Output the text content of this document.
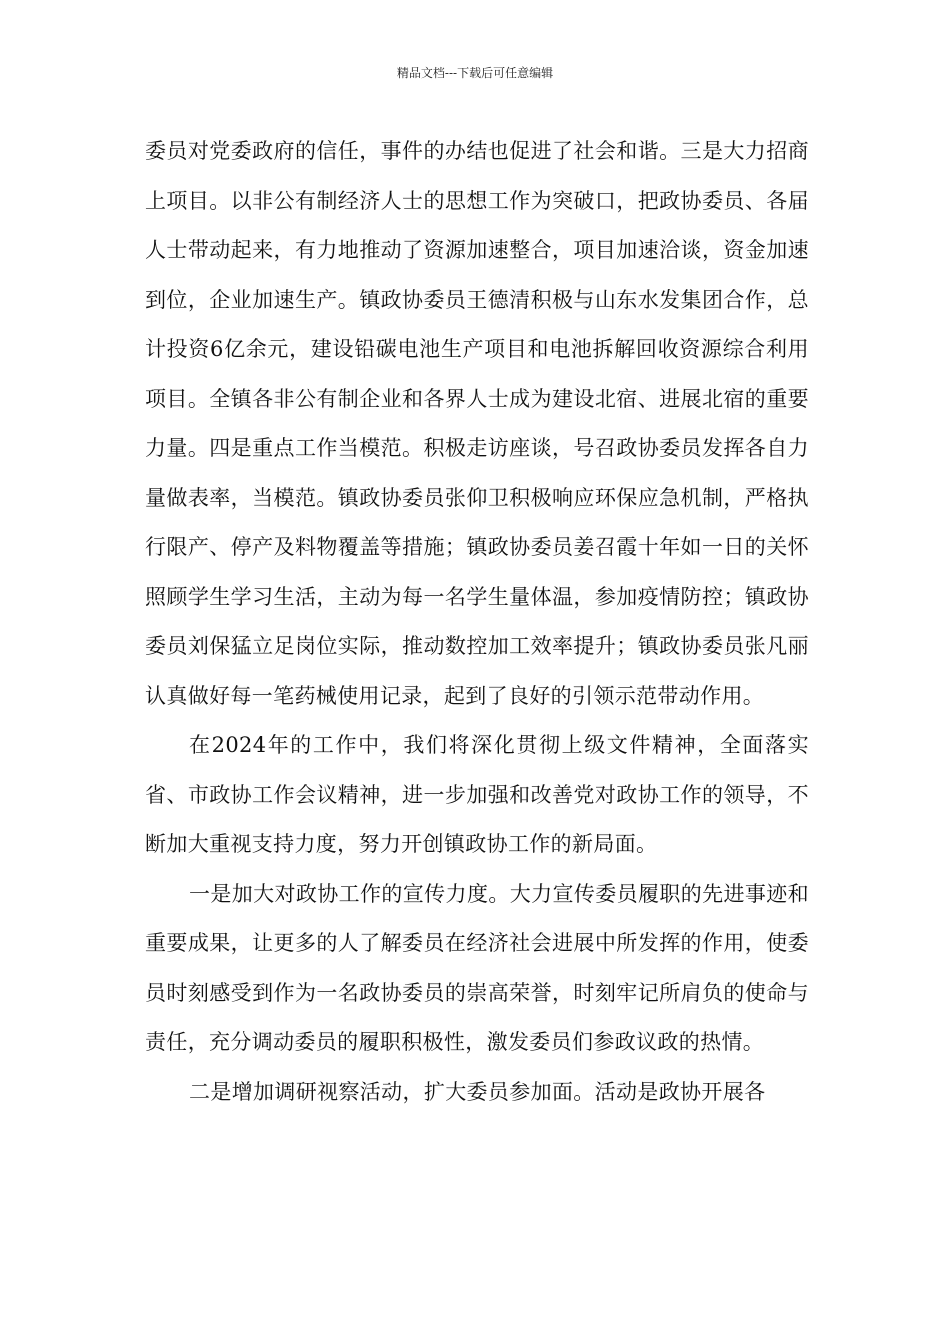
精品文档---下载后可任意编辑

委员对党委政府的信任，事件的办结也促进了社会和谐。三是大力招商上项目。以非公有制经济人士的思想工作为突破口，把政协委员、各届人士带动起来，有力地推动了资源加速整合，项目加速洽谈，资金加速到位，企业加速生产。镇政协委员王德清积极与山东水发集团合作，总计投资6亿余元，建设铅碳电池生产项目和电池拆解回收资源综合利用项目。全镇各非公有制企业和各界人士成为建设北宿、进展北宿的重要力量。四是重点工作当模范。积极走访座谈，号召政协委员发挥各自力量做表率，当模范。镇政协委员张仰卫积极响应环保应急机制，严格执行限产、停产及料物覆盖等措施；镇政协委员姜召霞十年如一日的关怀照顾学生学习生活，主动为每一名学生量体温，参加疫情防控；镇政协委员刘保猛立足岗位实际，推动数控加工效率提升；镇政协委员张凡丽认真做好每一笔药械使用记录，起到了良好的引领示范带动作用。

在2024年的工作中，我们将深化贯彻上级文件精神，全面落实省、市政协工作会议精神，进一步加强和改善党对政协工作的领导，不断加大重视支持力度，努力开创镇政协工作的新局面。

一是加大对政协工作的宣传力度。大力宣传委员履职的先进事迹和重要成果，让更多的人了解委员在经济社会进展中所发挥的作用，使委员时刻感受到作为一名政协委员的崇高荣誉，时刻牢记所肩负的使命与责任，充分调动委员的履职积极性，激发委员们参政议政的热情。

二是增加调研视察活动，扩大委员参加面。活动是政协开展各
